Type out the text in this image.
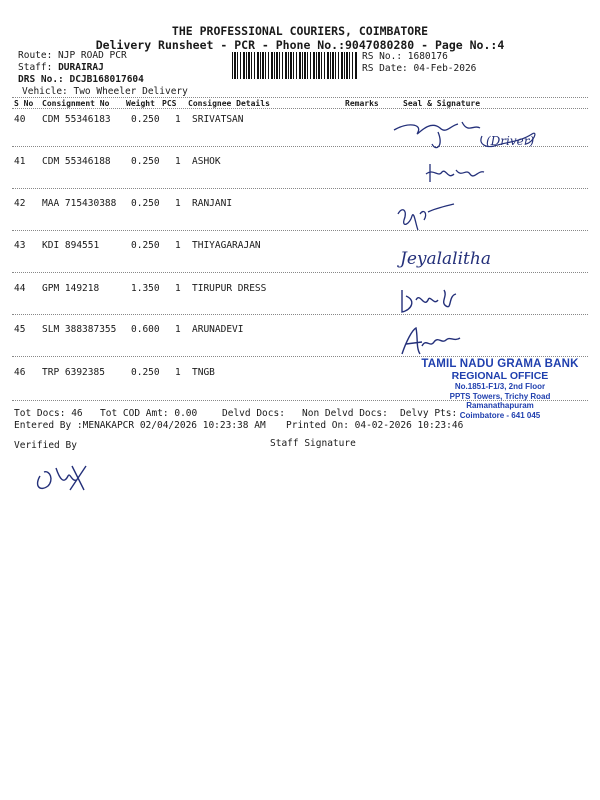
THE PROFESSIONAL COURIERS, COIMBATORE
Delivery Runsheet - PCR - Phone No.:9047080280 - Page No.:4
Route: NJP ROAD PCR
Staff: DURAIRAJ
DRS No.: DCJB168017604
Vehicle: Two Wheeler Delivery
RS No.: 1680176
RS Date: 04-Feb-2026
S No Consignment No Weight PCS Consignee Details	Remarks	Seal & Signature
40 CDM 55346183 0.250 1 SRIVATSAN
41 CDM 55346188 0.250 1 ASHOK
42 MAA 715430388 0.250 1 RANJANI
43 KDI 894551	0.250 1 THIYAGARAJAN
44 GPM 149218	1.350 1 TIRUPUR DRESS
45 SLM 388387355 0.600 1 ARUNADEVI
46 TRP 6392385	0.250 1 TNGB
(Driver)
Jeyalalitha
TAMIL NADU GRAMA BANK
REGIONAL OFFICE
No.1851-F1/3, 2nd Floor
PPTS Towers, Trichy Road
Ramanathapuram
Coimbatore - 641 045
Tot Docs: 46 Tot COD Amt: 0.00	Delvd Docs: Non Delvd Docs: Delvy Pts:
Entered By :MENAKAPCR 02/04/2026 10:23:38 AM Printed On: 04-02-2026 10:23:46
Verified By	Staff Signature
